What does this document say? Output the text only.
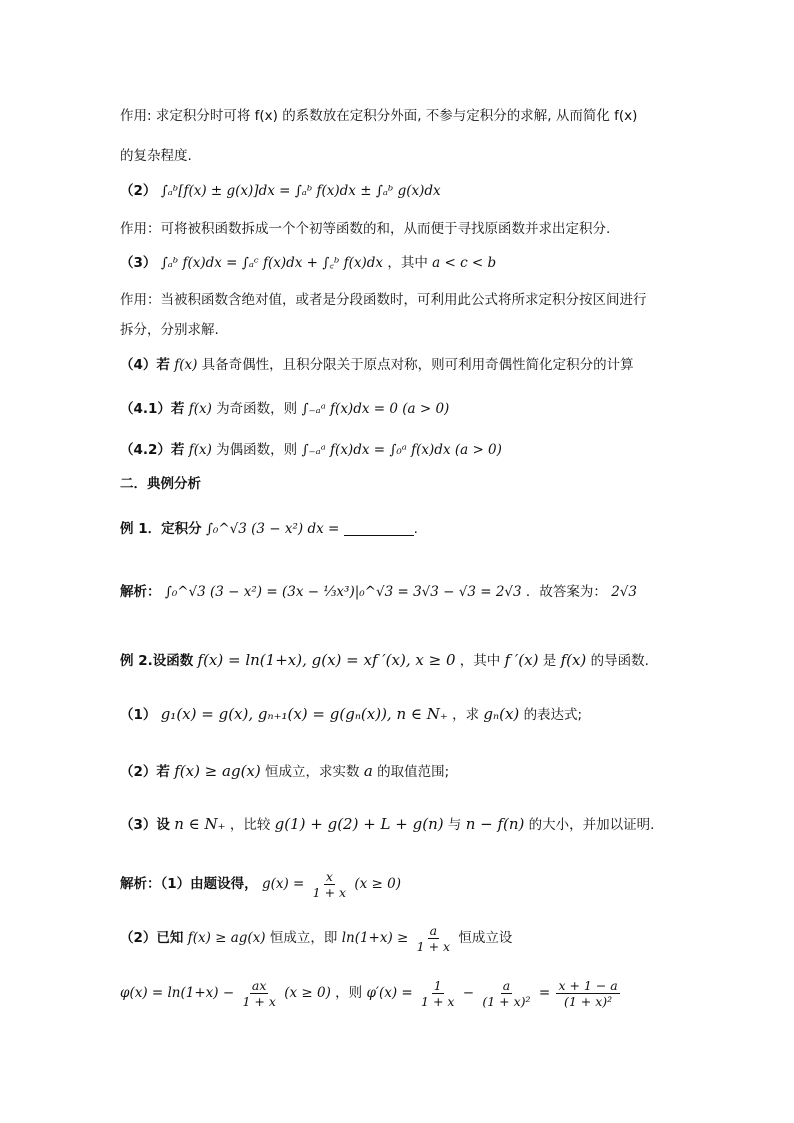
作用: 求定积分时可将 f(x) 的系数放在定积分外面, 不参与定积分的求解, 从而简化 f(x)
的复杂程度.
（2） ∫ₐᵇ[f(x) ± g(x)]dx = ∫ₐᵇ f(x)dx ± ∫ₐᵇ g(x)dx
作用：可将被积函数拆成一个个初等函数的和，从而便于寻找原函数并求出定积分.
（3） ∫ₐᵇ f(x)dx = ∫ₐᶜ f(x)dx + ∫꜀ᵇ f(x)dx ，其中 a < c < b
作用：当被积函数含绝对值，或者是分段函数时，可利用此公式将所求定积分按区间进行
拆分，分别求解.
（4）若 f(x) 具备奇偶性，且积分限关于原点对称，则可利用奇偶性简化定积分的计算
（4.1）若 f(x) 为奇函数，则 ∫₋ₐᵃ f(x)dx = 0 (a > 0)
（4.2）若 f(x) 为偶函数，则 ∫₋ₐᵃ f(x)dx = ∫₀ᵃ f(x)dx (a > 0)
二．典例分析
例 1．定积分 ∫₀^√3 (3 − x²) dx =	.
解析： ∫₀^√3 (3 − x²) = (3x − ⅓x³)|₀^√3 = 3√3 − √3 = 2√3 ．故答案为： 2√3
例 2.设函数 f(x) = ln(1+x), g(x) = xf ′(x), x ≥ 0 ，其中 f ′(x) 是 f(x) 的导函数.
（1） g₁(x) = g(x), gₙ₊₁(x) = g(gₙ(x)), n ∈ N₊ ，求 gₙ(x) 的表达式;
（2）若 f(x) ≥ ag(x) 恒成立，求实数 a 的取值范围;
（3）设 n ∈ N₊ ，比较 g(1) + g(2) + L + g(n) 与 n − f(n) 的大小，并加以证明.
解析：（1）由题设得， $g(x) = \frac{x}{1 + x} (x \ge 0)$
（2）已知 f(x) ≥ ag(x) 恒成立，即 $\ln(1+x) \ge \frac{a}{1 + x}$ 恒成立设
$\varphi(x) = \ln(1+x) - \frac{ax}{1 + x} (x \ge 0)$ ，则 $\varphi'(x) = \frac{1}{1 + x} - \frac{a}{\text{(1 + x)²}} = \frac{x + 1 - a}{\text{(1 + x)²}}$
